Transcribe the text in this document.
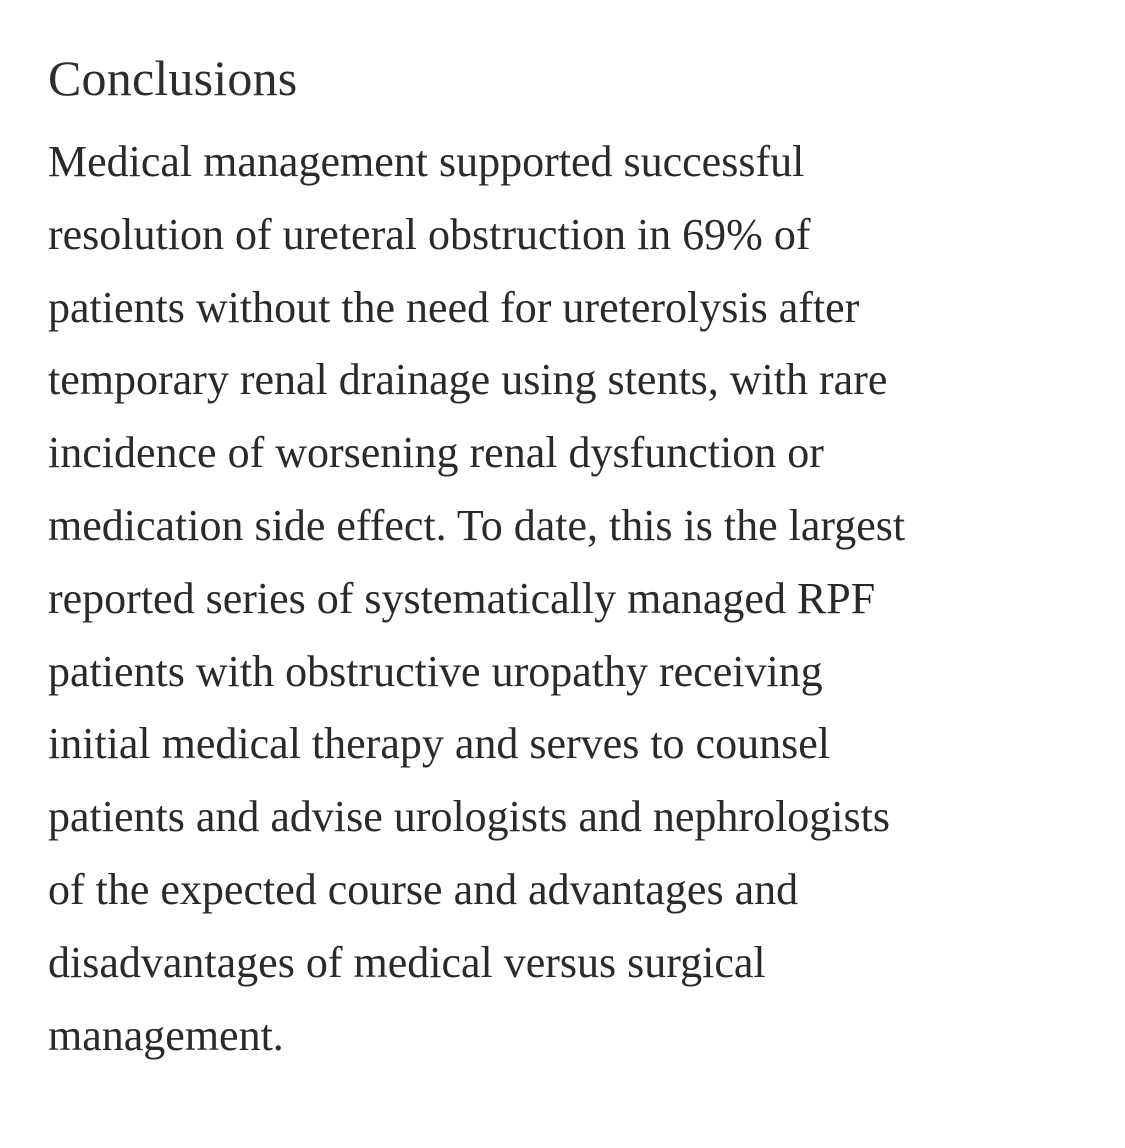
Conclusions

Medical management supported successful
resolution of ureteral obstruction in 69% of
patients without the need for ureterolysis after
temporary renal drainage using stents, with rare
incidence of worsening renal dysfunction or
medication side effect. To date, this is the largest
reported series of systematically managed RPF
patients with obstructive uropathy receiving
initial medical therapy and serves to counsel
patients and advise urologists and nephrologists
of the expected course and advantages and
disadvantages of medical versus surgical
management.
